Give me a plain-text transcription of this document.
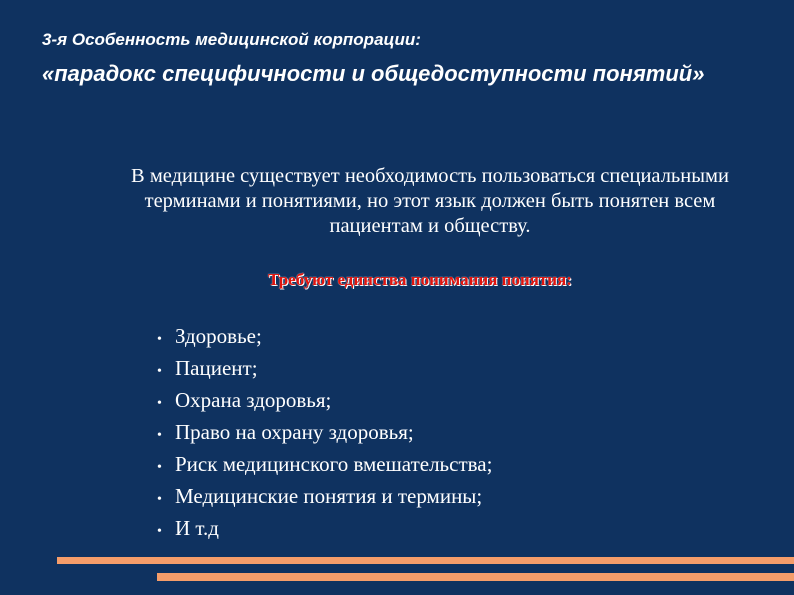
3-я Особенность медицинской корпорации:
«парадокс специфичности и общедоступности понятий»
В медицине существует необходимость пользоваться специальными терминами и понятиями, но этот язык должен быть понятен всем пациентам и обществу.
Требуют единства понимания понятия:
• Здоровье;
• Пациент;
• Охрана здоровья;
• Право на охрану здоровья;
• Риск медицинского вмешательства;
• Медицинские понятия и термины;
• И т.д
